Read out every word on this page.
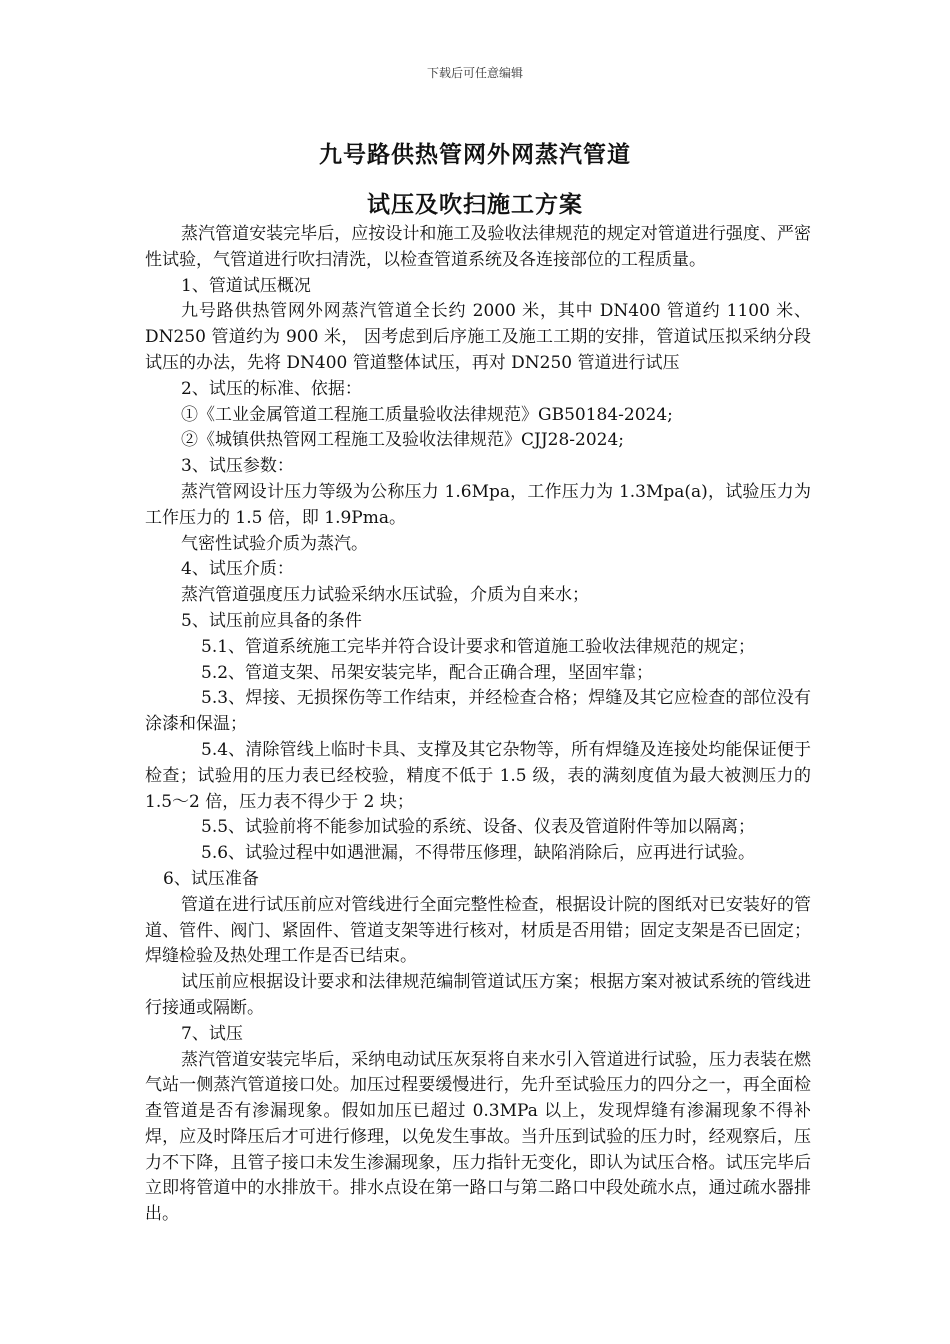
下载后可任意编辑
九号路供热管网外网蒸汽管道
试压及吹扫施工方案

蒸汽管道安装完毕后，应按设计和施工及验收法律规范的规定对管道进行强度、严密性试验，气管道进行吹扫清洗，以检查管道系统及各连接部位的工程质量。

1、管道试压概况

九号路供热管网外网蒸汽管道全长约 2000 米，其中 DN400 管道约 1100 米、DN250 管道约为 900 米， 因考虑到后序施工及施工工期的安排，管道试压拟采纳分段试压的办法，先将 DN400 管道整体试压，再对 DN250 管道进行试压

2、试压的标准、依据：

①《工业金属管道工程施工质量验收法律规范》GB50184-2024;

②《城镇供热管网工程施工及验收法律规范》CJJ28-2024;

3、试压参数：

蒸汽管网设计压力等级为公称压力 1.6Mpa，工作压力为 1.3Mpa(a)，试验压力为工作压力的 1.5 倍，即 1.9Pma。

气密性试验介质为蒸汽。

4、试压介质：

蒸汽管道强度压力试验采纳水压试验，介质为自来水；

5、试压前应具备的条件

5.1、管道系统施工完毕并符合设计要求和管道施工验收法律规范的规定；

5.2、管道支架、吊架安装完毕，配合正确合理，坚固牢靠；

5.3、焊接、无损探伤等工作结束，并经检查合格；焊缝及其它应检查的部位没有涂漆和保温；

5.4、清除管线上临时卡具、支撑及其它杂物等，所有焊缝及连接处均能保证便于检查；试验用的压力表已经校验，精度不低于 1.5 级，表的满刻度值为最大被测压力的 1.5～2 倍，压力表不得少于 2 块；

5.5、试验前将不能参加试验的系统、设备、仪表及管道附件等加以隔离；

5.6、试验过程中如遇泄漏，不得带压修理，缺陷消除后，应再进行试验。

6、试压准备

管道在进行试压前应对管线进行全面完整性检查，根据设计院的图纸对已安装好的管道、管件、阀门、紧固件、管道支架等进行核对，材质是否用错；固定支架是否已固定；焊缝检验及热处理工作是否已结束。

试压前应根据设计要求和法律规范编制管道试压方案；根据方案对被试系统的管线进行接通或隔断。

7、试压

蒸汽管道安装完毕后，采纳电动试压灰泵将自来水引入管道进行试验，压力表装在燃气站一侧蒸汽管道接口处。加压过程要缓慢进行，先升至试验压力的四分之一，再全面检查管道是否有渗漏现象。假如加压已超过 0.3MPa 以上，发现焊缝有渗漏现象不得补焊，应及时降压后才可进行修理，以免发生事故。当升压到试验的压力时，经观察后，压力不下降，且管子接口未发生渗漏现象，压力指针无变化，即认为试压合格。试压完毕后立即将管道中的水排放干。排水点设在第一路口与第二路口中段处疏水点，通过疏水器排出。
